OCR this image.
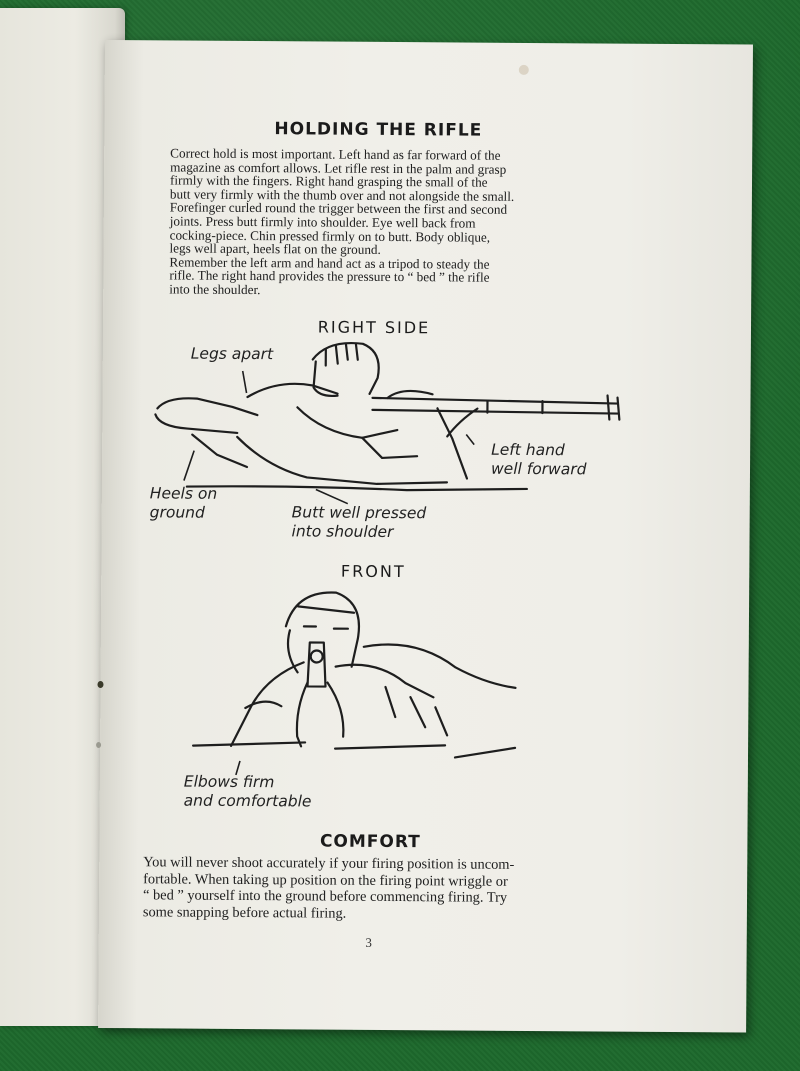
HOLDING THE RIFLE
Correct hold is most important. Left hand as far forward of the
magazine as comfort allows. Let rifle rest in the palm and grasp
firmly with the fingers. Right hand grasping the small of the
butt very firmly with the thumb over and not alongside the small.
Forefinger curled round the trigger between the first and second
joints. Press butt firmly into shoulder. Eye well back from
cocking-piece. Chin pressed firmly on to butt. Body oblique,
legs well apart, heels flat on the ground.
Remember the left arm and hand act as a tripod to steady the
rifle. The right hand provides the pressure to “ bed ” the rifle
into the shoulder.
RIGHT SIDE
Legs apart
Left hand
well forward
Heels on
ground	Butt well pressed
into shoulder
FRONT
Elbows firm
and comfortable
COMFORT
You will never shoot accurately if your firing position is uncom-
fortable. When taking up position on the firing point wriggle or
“ bed ” yourself into the ground before commencing firing. Try
some snapping before actual firing.
3
